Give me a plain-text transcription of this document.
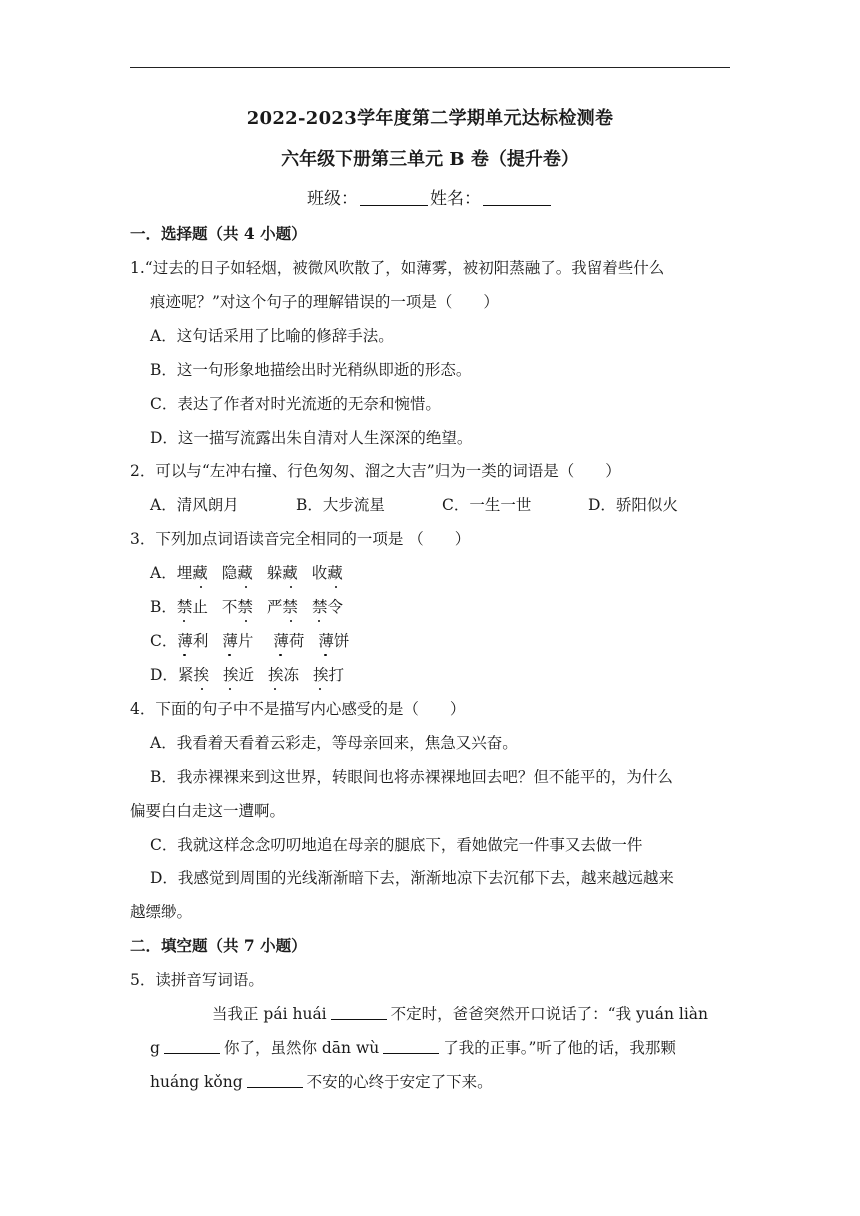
2022-2023学年度第二学期单元达标检测卷
六年级下册第三单元 B 卷（提升卷）
班级：	姓名：
一．选择题（共 4 小题）
1.“过去的日子如轻烟，被微风吹散了，如薄雾，被初阳蒸融了。我留着些什么
痕迹呢？”对这个句子的理解错误的一项是（　　）
A．这句话采用了比喻的修辞手法。
B．这一句形象地描绘出时光稍纵即逝的形态。
C．表达了作者对时光流逝的无奈和惋惜。
D．这一描写流露出朱自清对人生深深的绝望。
2．可以与“左冲右撞、行色匆匆、溜之大吉”归为一类的词语是（　　）
A．清风朗月	B．大步流星	C．一生一世	D．骄阳似火
3．下列加点词语读音完全相同的一项是 （　　）
A．埋藏 隐藏 躲藏 收藏
B．禁止 不禁 严禁 禁令
C．薄利 薄片 薄荷 薄饼
D．紧挨 挨近 挨冻 挨打
4．下面的句子中不是描写内心感受的是（　　）
A．我看着天看着云彩走，等母亲回来，焦急又兴奋。
B．我赤裸裸来到这世界，转眼间也将赤裸裸地回去吧？但不能平的，为什么
偏要白白走这一遭啊。
C．我就这样念念叨叨地追在母亲的腿底下，看她做完一件事又去做一件
D．我感觉到周围的光线渐渐暗下去，渐渐地凉下去沉郁下去，越来越远越来
越缥缈。
二．填空题（共 7 小题）
5．读拼音写词语。
当我正 pái huái	不定时，爸爸突然开口说话了：“我 yuán liàn
g	你了，虽然你 dān wù	了我的正事。”听了他的话，我那颗
huáng kǒng	不安的心终于安定了下来。
